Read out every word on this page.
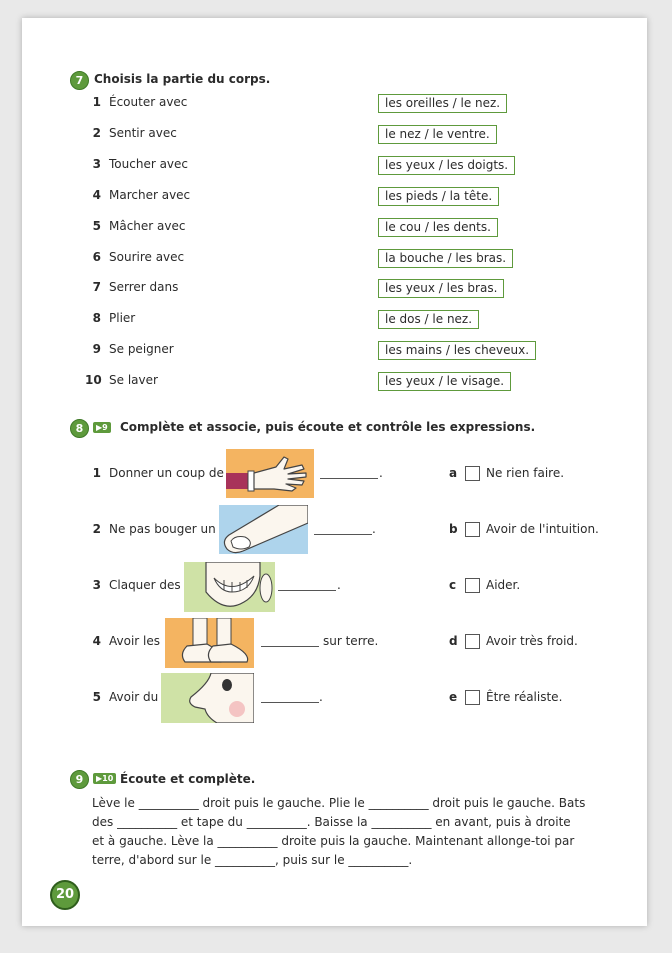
7 Choisis la partie du corps.
1 Écouter avec	les oreilles / le nez.
2 Sentir avec	le nez / le ventre.
3 Toucher avec	les yeux / les doigts.
4 Marcher avec	les pieds / la tête.
5 Mâcher avec	le cou / les dents.
6 Sourire avec	la bouche / les bras.
7 Serrer dans	les yeux / les bras.
8 Plier	le dos / le nez.
9 Se peigner	les mains / les cheveux.
10 Se laver	les yeux / le visage.
8	▶9 Complète et associe, puis écoute et contrôle les expressions.
1 Donner un coup de	.
2 Ne pas bouger un	.
3 Claquer des	.
4 Avoir les	sur terre.
5 Avoir du	.
a Ne rien faire.
b Avoir de l'intuition.
c Aider.
d Avoir très froid.
e Être réaliste.
9	▶10 Écoute et complète.
Lève le __________ droit puis le gauche. Plie le __________ droit puis le gauche. Bats
des __________ et tape du __________. Baisse la __________ en avant, puis à droite
et à gauche. Lève la __________ droite puis la gauche. Maintenant allonge-toi par
terre, d'abord sur le __________, puis sur le __________.
20
